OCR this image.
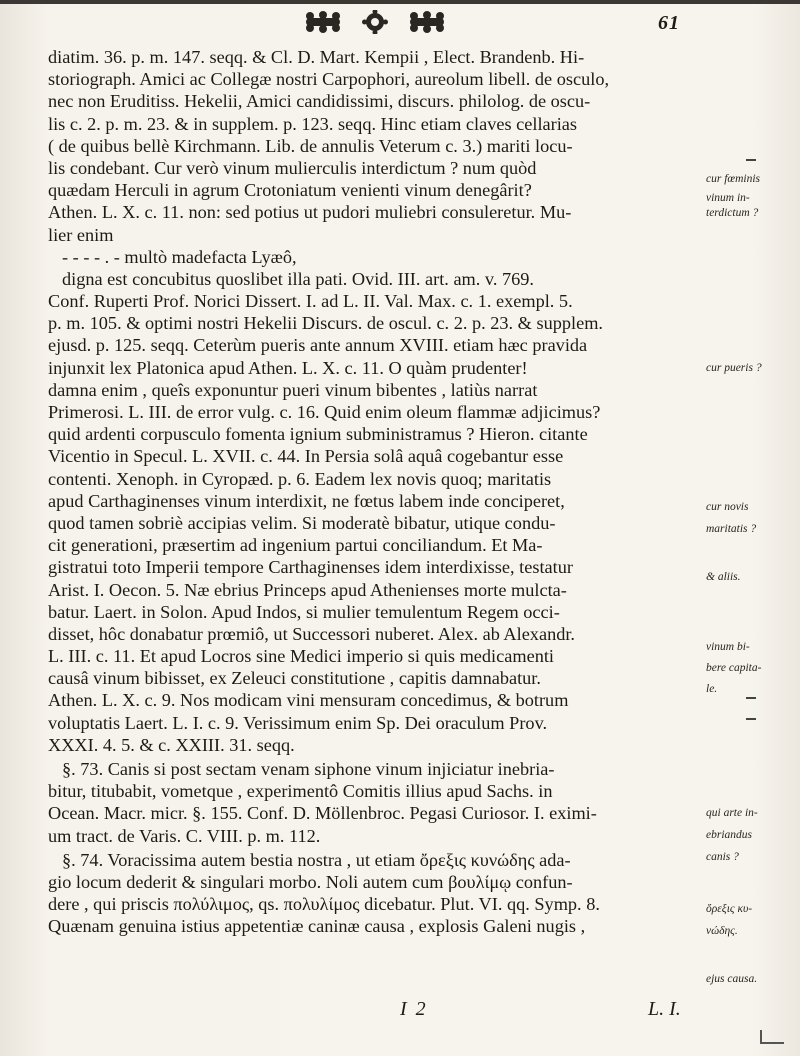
61
diatim. 36. p. m. 147. seqq. & Cl. D. Mart. Kempii , Elect. Brandenb. Hi-
storiograph. Amici ac Collegæ nostri Carpophori, aureolum libell. de osculo,
nec non Eruditiss. Hekelii, Amici candidissimi, discurs. philolog. de oscu-
lis c. 2. p. m. 23. & in supplem. p. 123. seqq. Hinc etiam claves cellarias
( de quibus bellè Kirchmann. Lib. de annulis Veterum c. 3.) mariti locu-
lis condebant. Cur verò vinum mulierculis interdictum ? num quòd
quædam Herculi in agrum Crotoniatum venienti vinum denegârit?
Athen. L. X. c. 11. non: sed potius ut pudori muliebri consuleretur. Mu-
lier enim
- - - - . - multò madefacta Lyæô,
digna est concubitus quoslibet illa pati. Ovid. III. art. am. v. 769.
Conf. Ruperti Prof. Norici Dissert. I. ad L. II. Val. Max. c. 1. exempl. 5.
p. m. 105. & optimi nostri Hekelii Discurs. de oscul. c. 2. p. 23. & supplem.
ejusd. p. 125. seqq. Ceterùm pueris ante annum XVIII. etiam hæc pravida
injunxit lex Platonica apud Athen. L. X. c. 11. O quàm prudenter!
damna enim , queîs exponuntur pueri vinum bibentes , latiùs narrat
Primerosi. L. III. de error vulg. c. 16. Quid enim oleum flammæ adjicimus?
quid ardenti corpusculo fomenta ignium subministramus ? Hieron. citante
Vicentio in Specul. L. XVII. c. 44. In Persia solâ aquâ cogebantur esse
contenti. Xenoph. in Cyropæd. p. 6. Eadem lex novis quoq; maritatis
apud Carthaginenses vinum interdixit, ne fœtus labem inde conciperet,
quod tamen sobriè accipias velim. Si moderatè bibatur, utique condu-
cit generationi, præsertim ad ingenium partui conciliandum. Et Ma-
gistratui toto Imperii tempore Carthaginenses idem interdixisse, testatur
Arist. I. Oecon. 5. Næ ebrius Princeps apud Athenienses morte mulcta-
batur. Laert. in Solon. Apud Indos, si mulier temulentum Regem occi-
disset, hôc donabatur prœmiô, ut Successori nuberet. Alex. ab Alexandr.
L. III. c. 11. Et apud Locros sine Medici imperio si quis medicamenti
causâ vinum bibisset, ex Zeleuci constitutione , capitis damnabatur.
Athen. L. X. c. 9. Nos modicam vini mensuram concedimus, & botrum
voluptatis Laert. L. I. c. 9. Verissimum enim Sp. Dei oraculum Prov.
XXXI. 4. 5. & c. XXIII. 31. seqq.
§. 73. Canis si post sectam venam siphone vinum injiciatur inebria-
bitur, titubabit, vometque , experimentô Comitis illius apud Sachs. in
Ocean. Macr. micr. §. 155. Conf. D. Möllenbroc. Pegasi Curiosor. I. eximi-
um tract. de Varis. C. VIII. p. m. 112.
§. 74. Voracissima autem bestia nostra , ut etiam ὄρεξις κυνώδης ada-
gio locum dederit & singulari morbo. Noli autem cum βουλίμῳ confun-
dere , qui priscis πολύλιμος, qs. πολυλίμος dicebatur. Plut. VI. qq. Symp. 8.
Quænam genuina istius appetentiæ caninæ causa , explosis Galeni nugis ,
cur fœminis
vinum in-
terdictum ?
cur pueris ?
cur novis
maritatis ?
& aliis.
vinum bi-
bere capita-
le.
qui arte in-
ebriandus
canis ?
ὄρεξις κυ-
νώδης.
ejus causa.
I 2	L. I.
